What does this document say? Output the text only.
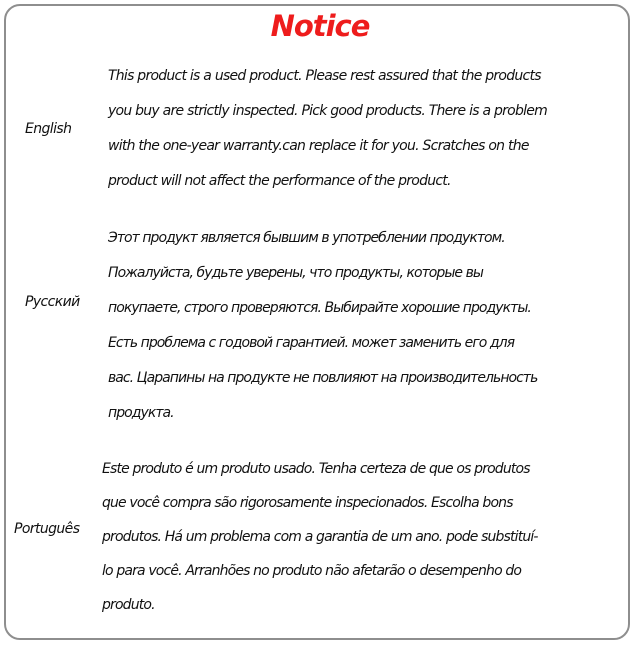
Notice
English
This product is a used product. Please rest assured that the products
you buy are strictly inspected. Pick good products. There is a problem
with the one-year warranty.can replace it for you. Scratches on the
product will not affect the performance of the product.
Русский
Этот продукт является бывшим в употреблении продуктом.
Пожалуйста, будьте уверены, что продукты, которые вы
покупаете, строго проверяются. Выбирайте хорошие продукты.
Есть проблема с годовой гарантией. может заменить его для
вас. Царапины на продукте не повлияют на производительность
продукта.
Português
Este produto é um produto usado. Tenha certeza de que os produtos
que você compra são rigorosamente inspecionados. Escolha bons
produtos. Há um problema com a garantia de um ano. pode substituí-
lo para você. Arranhões no produto não afetarão o desempenho do
produto.
